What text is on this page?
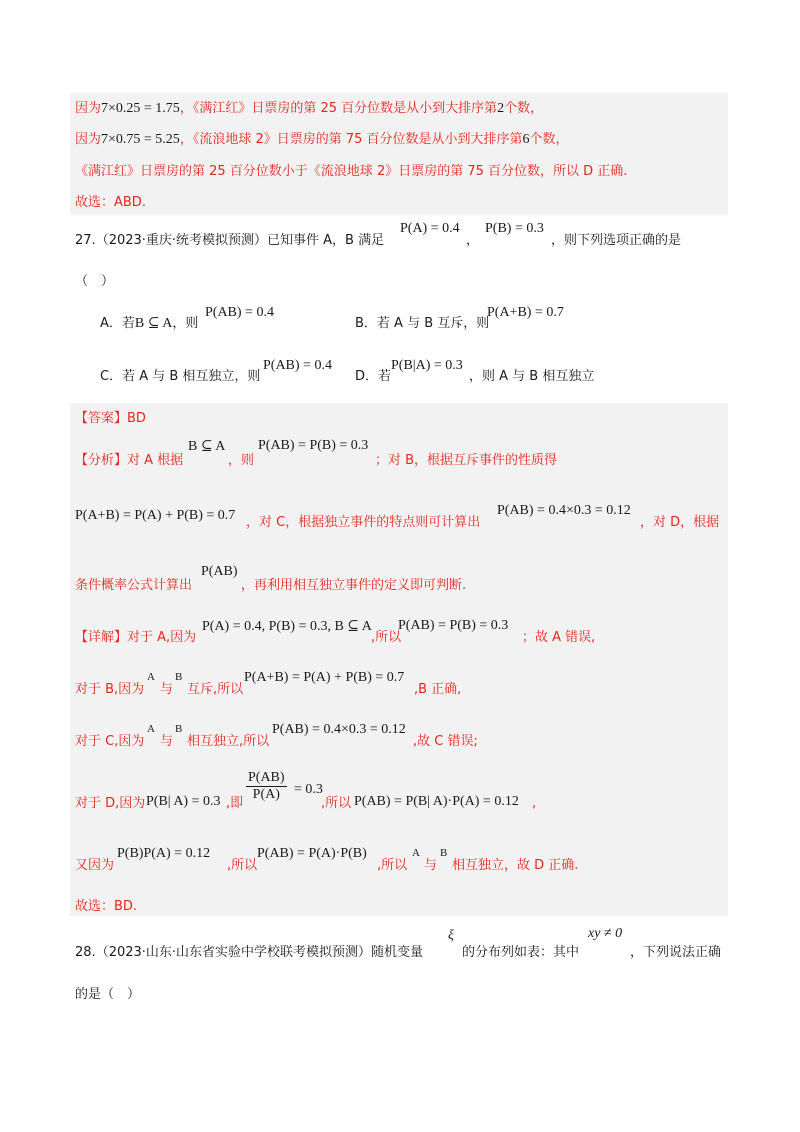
因为7×0.25 = 1.75，《满江红》日票房的第 25 百分位数是从小到大排序第2个数，
因为7×0.75 = 5.25，《流浪地球 2》日票房的第 75 百分位数是从小到大排序第6个数，
《满江红》日票房的第 25 百分位数小于《流浪地球 2》日票房的第 75 百分位数，所以 D 正确.
故选：ABD.
27.（2023·重庆·统考模拟预测）已知事件 A，B 满足
P(A) = 0.4
，
P(B) = 0.3
，则下列选项正确的是
（　）
A．若B ⊆ A，则
P(AB) = 0.4
B．若 A 与 B 互斥，则
P(A+B) = 0.7
C．若 A 与 B 相互独立，则
P(AB) = 0.4
D．若
P(B|A) = 0.3
，则 A 与 B 相互独立
【答案】BD
【分析】对 A 根据
B ⊆ A
，则
P(AB) = P(B) = 0.3
；对 B，根据互斥事件的性质得
P(A+B) = P(A) + P(B) = 0.7 ，对 C，根据独立事件的特点则可计算出
P(AB) = 0.4×0.3 = 0.12
，对 D，根据
条件概率公式计算出
P(AB)
，再利用相互独立事件的定义即可判断.
【详解】对于 A,因为
P(A) = 0.4, P(B) = 0.3, B ⊆ A
,所以
P(AB) = P(B) = 0.3
；故 A 错误,
对于 B,因为
A
与
B
互斥,所以
P(A+B) = P(A) + P(B) = 0.7
,B 正确,
对于 C,因为
A
与
B
相互独立,所以
P(AB) = 0.4×0.3 = 0.12
,故 C 错误;
对于 D,因为 P(B| A) = 0.3 ,即
$\frac{P(AB)}{P(A)} = 0.3$
,所以 P(AB) = P(B| A)·P(A) = 0.12 ,
又因为
P(B)P(A) = 0.12
,所以
P(AB) = P(A)·P(B)
,所以
A
与
B
相互独立，故 D 正确.
故选：BD.
28.（2023·山东·山东省实验中学校联考模拟预测）随机变量
ξ
的分布列如表：其中
xy ≠ 0
，下列说法正确
的是（　）
